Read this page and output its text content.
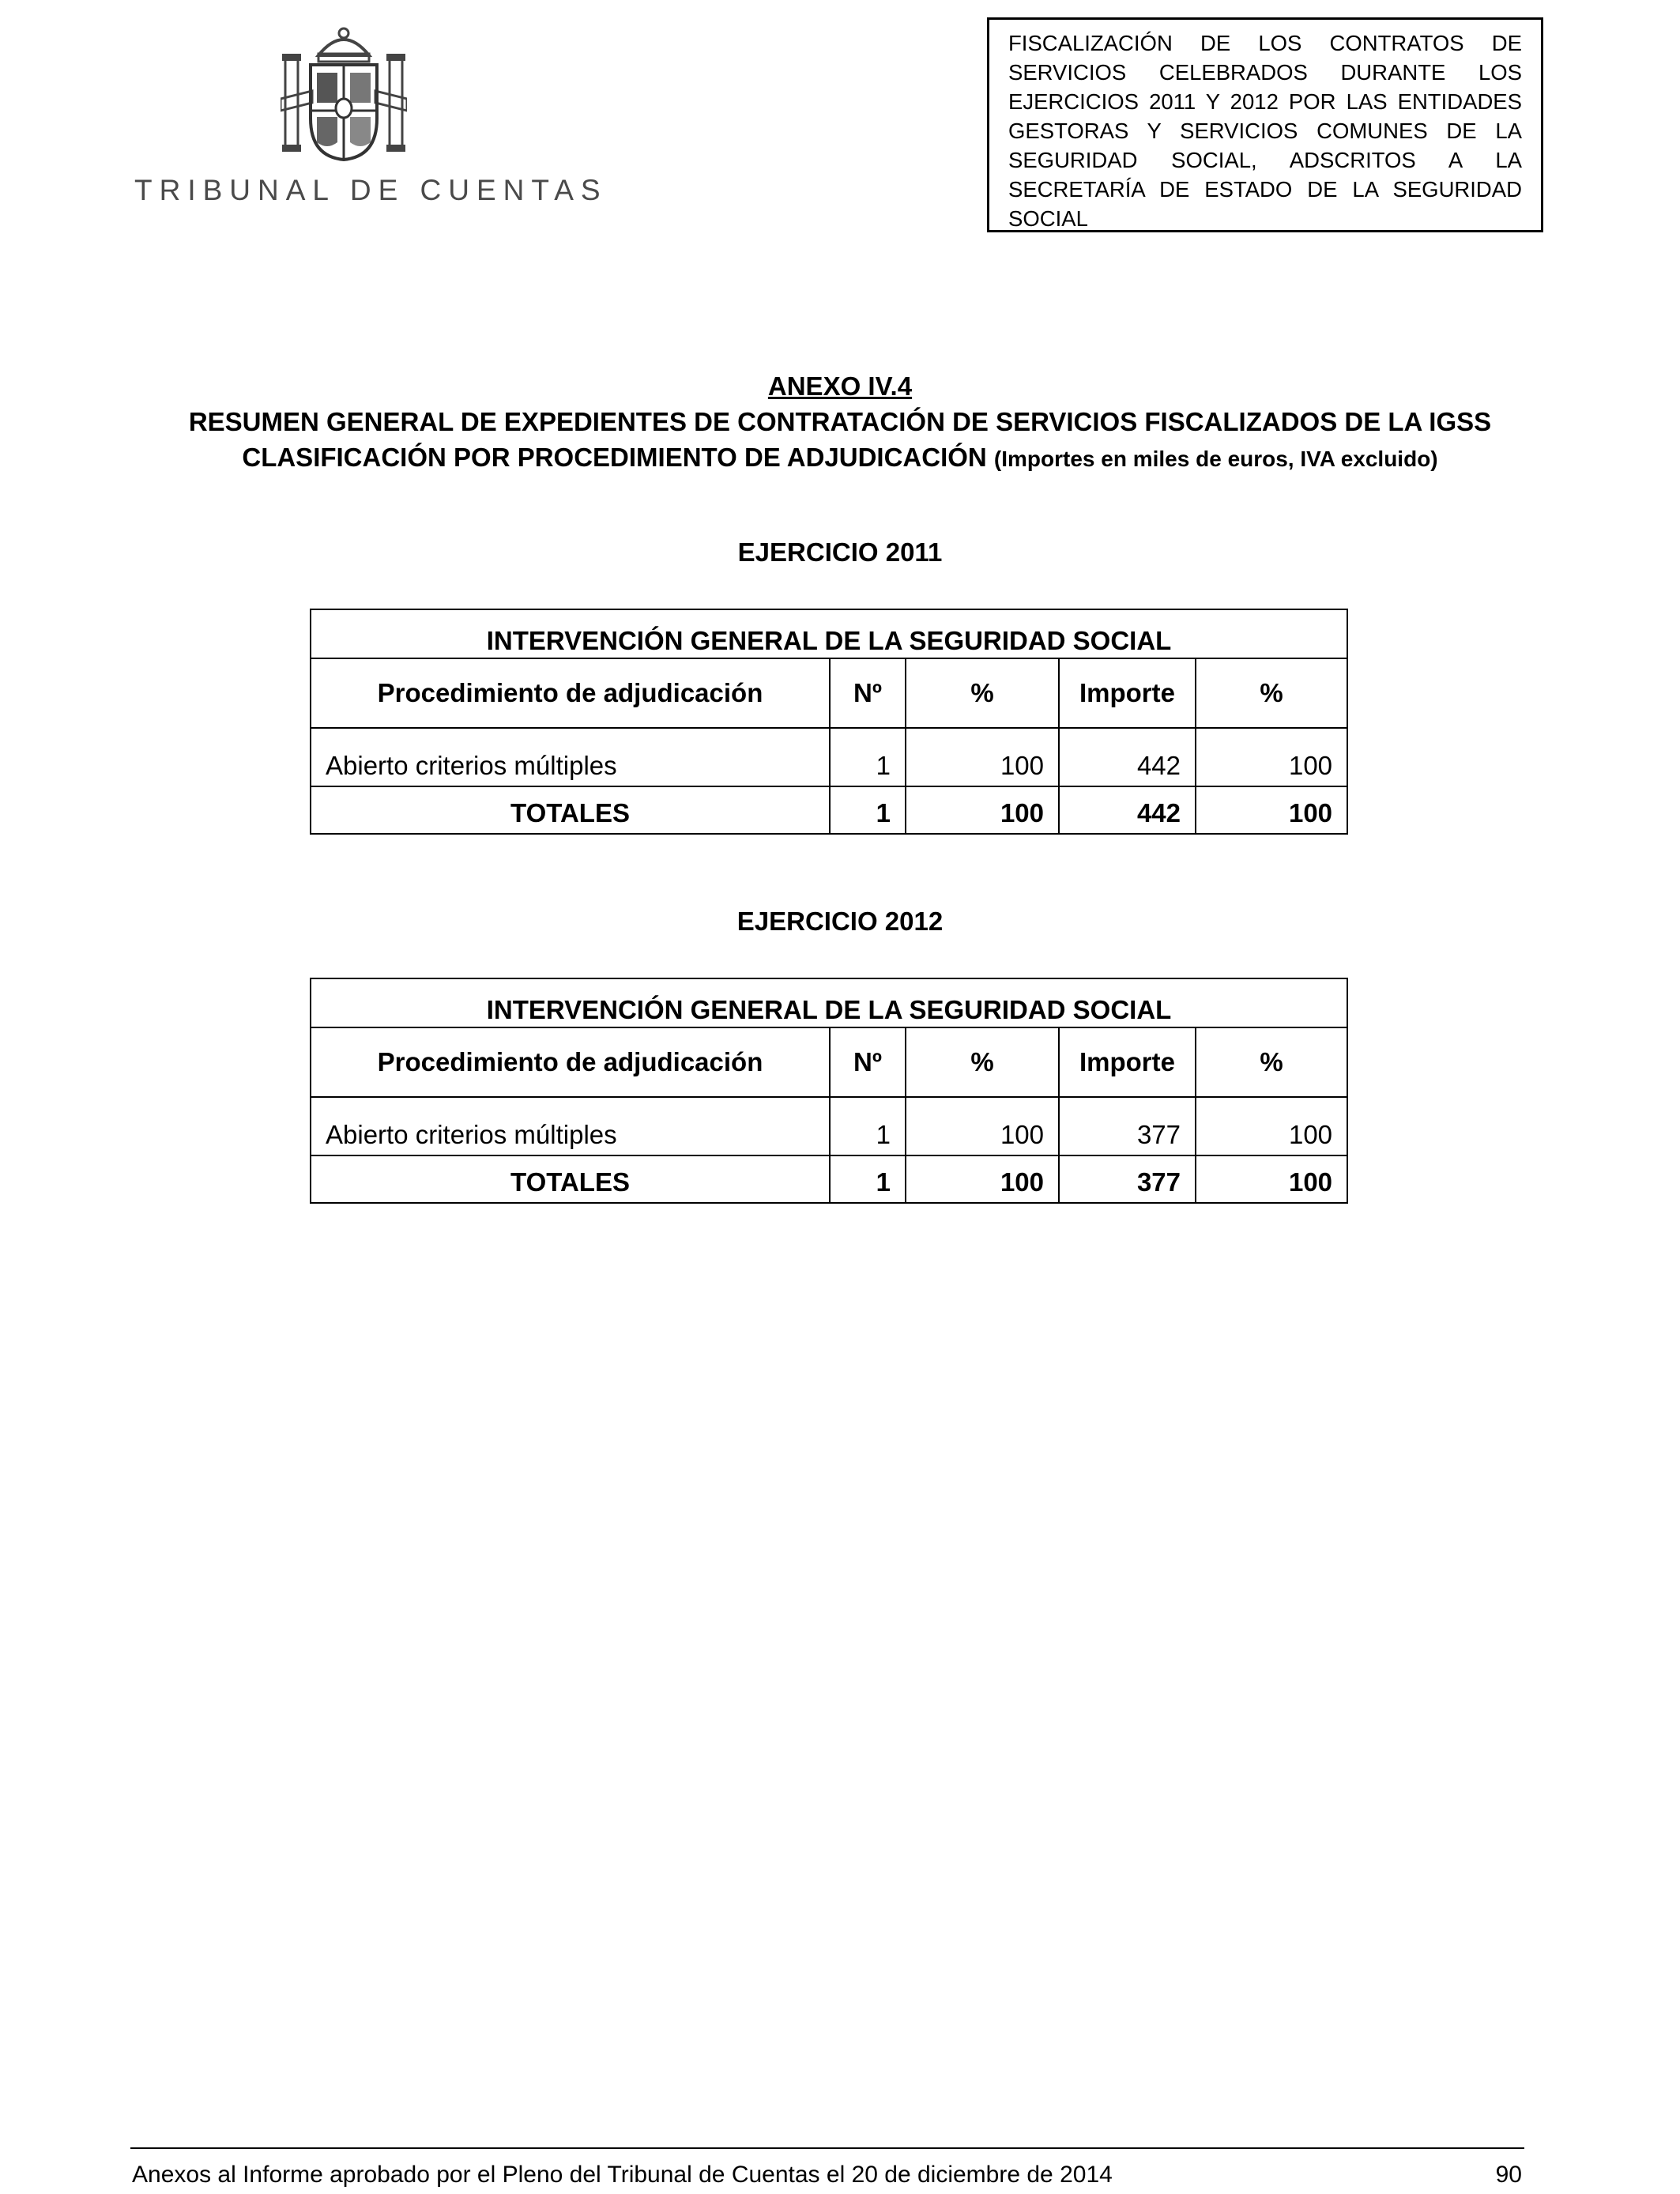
TRIBUNAL DE CUENTAS
FISCALIZACIÓN DE LOS CONTRATOS DE SERVICIOS CELEBRADOS DURANTE LOS EJERCICIOS 2011 Y 2012 POR LAS ENTIDADES GESTORAS Y SERVICIOS COMUNES DE LA SEGURIDAD SOCIAL, ADSCRITOS A LA SECRETARÍA DE ESTADO DE LA SEGURIDAD SOCIAL
ANEXO IV.4
RESUMEN GENERAL DE EXPEDIENTES DE CONTRATACIÓN DE SERVICIOS FISCALIZADOS DE LA IGSS
CLASIFICACIÓN POR PROCEDIMIENTO DE ADJUDICACIÓN (Importes en miles de euros, IVA excluido)
EJERCICIO 2011
INTERVENCIÓN GENERAL DE LA SEGURIDAD SOCIAL				
Procedimiento de adjudicación	Nº	%	Importe	%
Abierto criterios múltiples	1	100	442	100
TOTALES	1	100	442	100
EJERCICIO 2012
INTERVENCIÓN GENERAL DE LA SEGURIDAD SOCIAL				
Procedimiento de adjudicación	Nº	%	Importe	%
Abierto criterios múltiples	1	100	377	100
TOTALES	1	100	377	100
Anexos al Informe aprobado por el Pleno del Tribunal de Cuentas el 20 de diciembre de 2014	90
